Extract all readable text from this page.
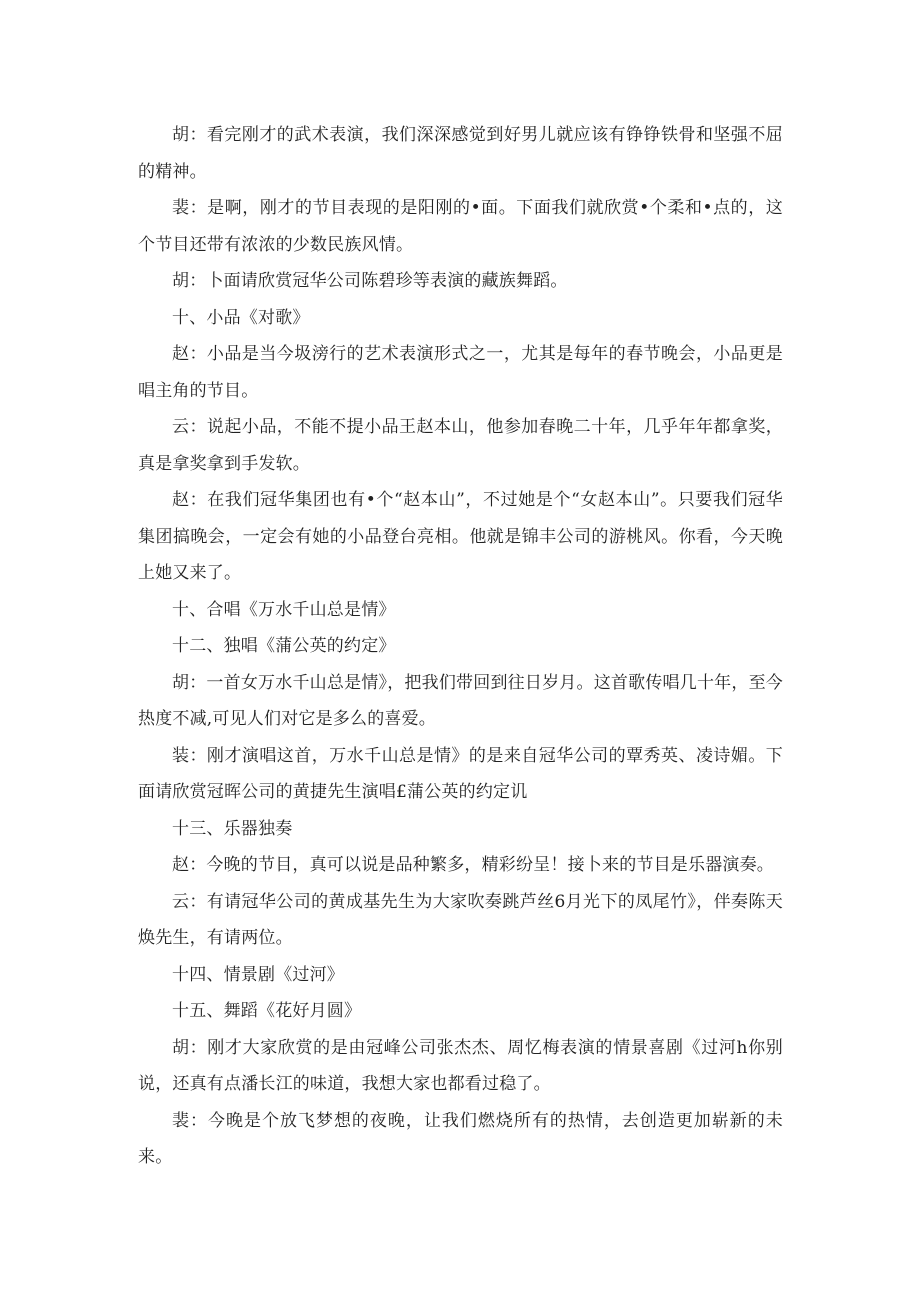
胡：看完刚才的武术表演，我们深深感觉到好男儿就应该有铮铮铁骨和坚强不屈的精神。

裴：是啊，刚才的节目表现的是阳刚的•面。下面我们就欣赏•个柔和•点的，这个节目还带有浓浓的少数民族风情。

胡：卜面请欣赏冠华公司陈碧珍等表演的藏族舞蹈。

十、小品《对歌》

赵：小品是当今圾滂行的艺术表演形式之一，尤其是每年的春节晚会，小品更是唱主角的节目。

云：说起小品，不能不提小品王赵本山，他参加春晚二十年，几乎年年都拿奖，真是拿奖拿到手发软。

赵：在我们冠华集团也有•个“赵本山”，不过她是个“女赵本山”。只要我们冠华集团搞晚会，一定会有她的小品登台亮相。他就是锦丰公司的游桃风。你看，今天晚上她又来了。

十、合唱《万水千山总是情》

十二、独唱《蒲公英的约定》

胡：一首女万水千山总是情》，把我们带回到往日岁月。这首歌传唱几十年，至今热度不减,可见人们对它是多么的喜爱。

装：刚才演唱这首，万水千山总是情》的是来自冠华公司的覃秀英、凌诗媚。下面请欣赏冠晖公司的黄捷先生演唱£蒲公英的约定讥

十三、乐器独奏

赵：今晚的节目，真可以说是品种繁多，精彩纷呈！接卜来的节目是乐器演奏。

云：有请冠华公司的黄成基先生为大家吹奏跳芦丝6月光下的凤尾竹》，伴奏陈天焕先生，有请两位。

十四、情景剧《过河》

十五、舞蹈《花好月圆》

胡：刚才大家欣赏的是由冠峰公司张杰杰、周忆梅表演的情景喜剧《过河h你别说，还真有点潘长江的味道，我想大家也都看过稳了。

裴：今晚是个放飞梦想的夜晚，让我们燃烧所有的热情，去创造更加崭新的未来。
